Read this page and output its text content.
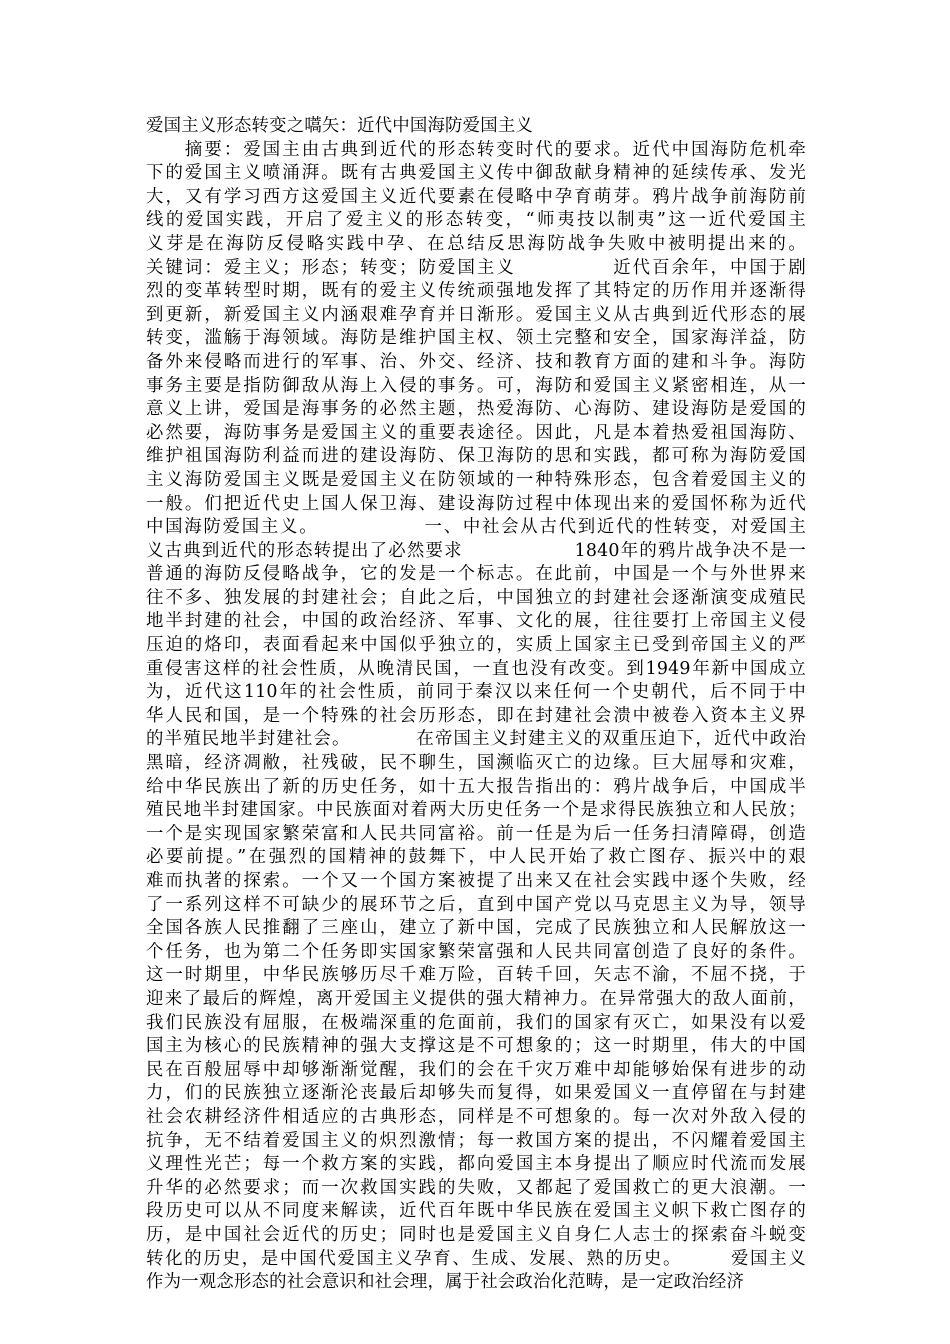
爱国主义形态转变之嚆矢：近代中国海防爱国主义
　　摘要：爱国主由古典到近代的形态转变时代的要求。近代中国海防危机牵
下的爱国主义喷涌湃。既有古典爱国主义传中御敌献身精神的延续传承、发光
大，又有学习西方这爱国主义近代要素在侵略中孕育萌芽。鸦片战争前海防前
线的爱国实践，开启了爱主义的形态转变，“师夷技以制夷”这一近代爱国主
义芽是在海防反侵略实践中孕、在总结反思海防战争失败中被明提出来的。
关键词：爱主义；形态；转变；防爱国主义　　　　　近代百余年，中国于剧
烈的变革转型时期，既有的爱主义传统顽强地发挥了其特定的历作用并逐渐得
到更新，新爱国主义内涵艰难孕育并日渐形。爱国主义从古典到近代形态的展
转变，滥觞于海领域。海防是维护国主权、领土完整和安全，国家海洋益，防
备外来侵略而进行的军事、治、外交、经济、技和教育方面的建和斗争。海防
事务主要是指防御敌从海上入侵的事务。可，海防和爱国主义紧密相连，从一
意义上讲，爱国是海事务的必然主题，热爱海防、心海防、建设海防是爱国的
必然要，海防事务是爱国主义的重要表途径。因此，凡是本着热爱祖国海防、
维护祖国海防利益而进的建设海防、保卫海防的思和实践，都可称为海防爱国
主义海防爱国主义既是爱国主义在防领域的一种特殊形态，包含着爱国主义的
一般。们把近代史上国人保卫海、建设海防过程中体现出来的爱国怀称为近代
中国海防爱国主义。　　　　　　一、中社会从古代到近代的性转变，对爱国主
义古典到近代的形态转提出了必然要求　　　　　　1840年的鸦片战争决不是一
普通的海防反侵略战争，它的发是一个标志。在此前，中国是一个与外世界来
往不多、独发展的封建社会；自此之后，中国独立的封建社会逐渐演变成殖民
地半封建的社会，中国的政治经济、军事、文化的展，往往要打上帝国主义侵
压迫的烙印，表面看起来中国似乎独立的，实质上国家主已受到帝国主义的严
重侵害这样的社会性质，从晚清民国，一直也没有改变。到1949年新中国成立
为，近代这110年的社会性质，前同于秦汉以来任何一个史朝代，后不同于中
华人民和国，是一个特殊的社会历形态，即在封建社会溃中被卷入资本主义界
的半殖民地半封建社会。　　　　在帝国主义封建主义的双重压迫下，近代中政治
黑暗，经济凋敝，社残破，民不聊生，国濒临灭亡的边缘。巨大屈辱和灾难，
给中华民族出了新的历史任务，如十五大报告指出的：鸦片战争后，中国成半
殖民地半封建国家。中民族面对着两大历史任务一个是求得民族独立和人民放；
一个是实现国家繁荣富和人民共同富裕。前一任是为后一任务扫清障碍，创造
必要前提。”在强烈的国精神的鼓舞下，中人民开始了救亡图存、振兴中的艰
难而执著的探索。一个又一个国方案被提了出来又在社会实践中逐个失败，经
了一系列这样不可缺少的展环节之后，直到中国产党以马克思主义为导，领导
全国各族人民推翻了三座山，建立了新中国，完成了民族独立和人民解放这一
个任务，也为第二个任务即实国家繁荣富强和人民共同富创造了良好的条件。
这一时期里，中华民族够历尽千难万险，百转千回，矢志不渝，不屈不挠，于
迎来了最后的辉煌，离开爱国主义提供的强大精神力。在异常强大的敌人面前，
我们民族没有屈服，在极端深重的危面前，我们的国家有灭亡，如果没有以爱
国主为核心的民族精神的强大支撑这是不可想象的；这一时期里，伟大的中国
民在百般屈辱中却够渐渐觉醒，我们的会在千灾万难中却能够始保有进步的动
力，们的民族独立逐渐沦丧最后却够失而复得，如果爱国义一直停留在与封建
社会农耕经济件相适应的古典形态，同样是不可想象的。每一次对外敌入侵的
抗争，无不结着爱国主义的炽烈激情；每一救国方案的提出，不闪耀着爱国主
义理性光芒；每一个救方案的实践，都向爱国主本身提出了顺应时代流而发展
升华的必然要求；而一次救国实践的失败，又都起了爱国救亡的更大浪潮。一
段历史可以从不同度来解读，近代百年既中华民族在爱国主义帜下救亡图存的
历，是中国社会近代的历史；同时也是爱国主义自身仁人志士的探索奋斗蜕变
转化的历史，是中国代爱国主义孕育、生成、发展、熟的历史。　　　爱国主义
作为一观念形态的社会意识和社会理，属于社会政治化范畴，是一定政治经济
